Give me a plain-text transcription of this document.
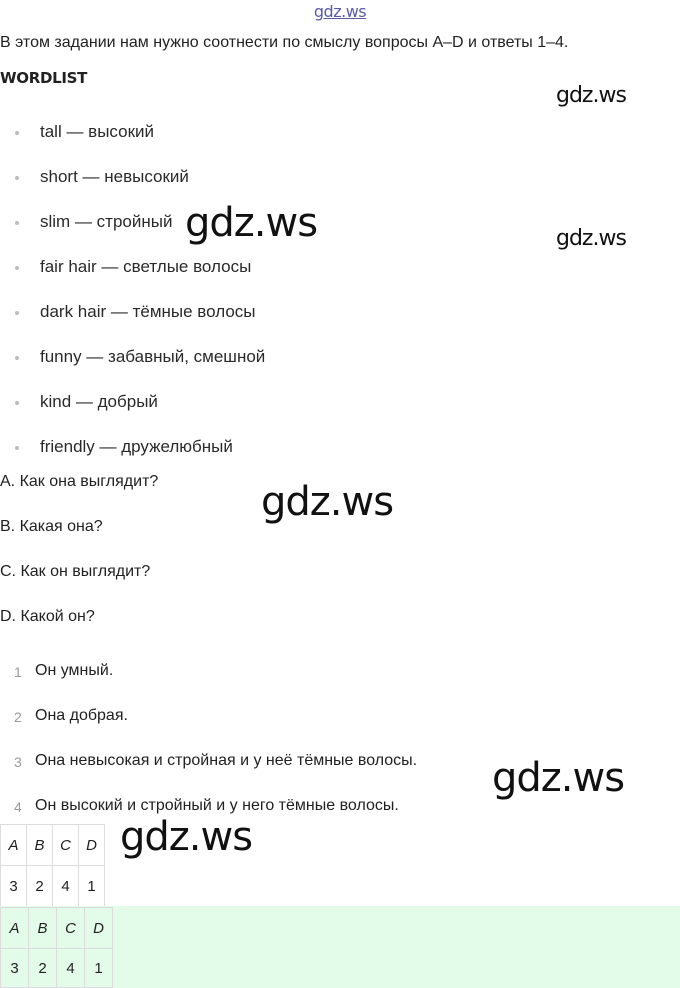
gdz.ws
В этом задании нам нужно соотнести по смыслу вопросы A–D и ответы 1–4.
WORDLIST
tall — высокий
short — невысокий
slim — стройный
fair hair — светлые волосы
dark hair — тёмные волосы
funny — забавный, смешной
kind — добрый
friendly — дружелюбный
A. Как она выглядит?
B. Какая она?
C. Как он выглядит?
D. Какой он?
1 Он умный.
2 Она добрая.
3 Она невысокая и стройная и у неё тёмные волосы.
4 Он высокий и стройный и у него тёмные волосы.
A	B	C	D
3	2	4	1
A	B	C	D
3	2	4	1
gdz.ws
gdz.ws	gdz.ws
gdz.ws
gdz.ws
gdz.ws
